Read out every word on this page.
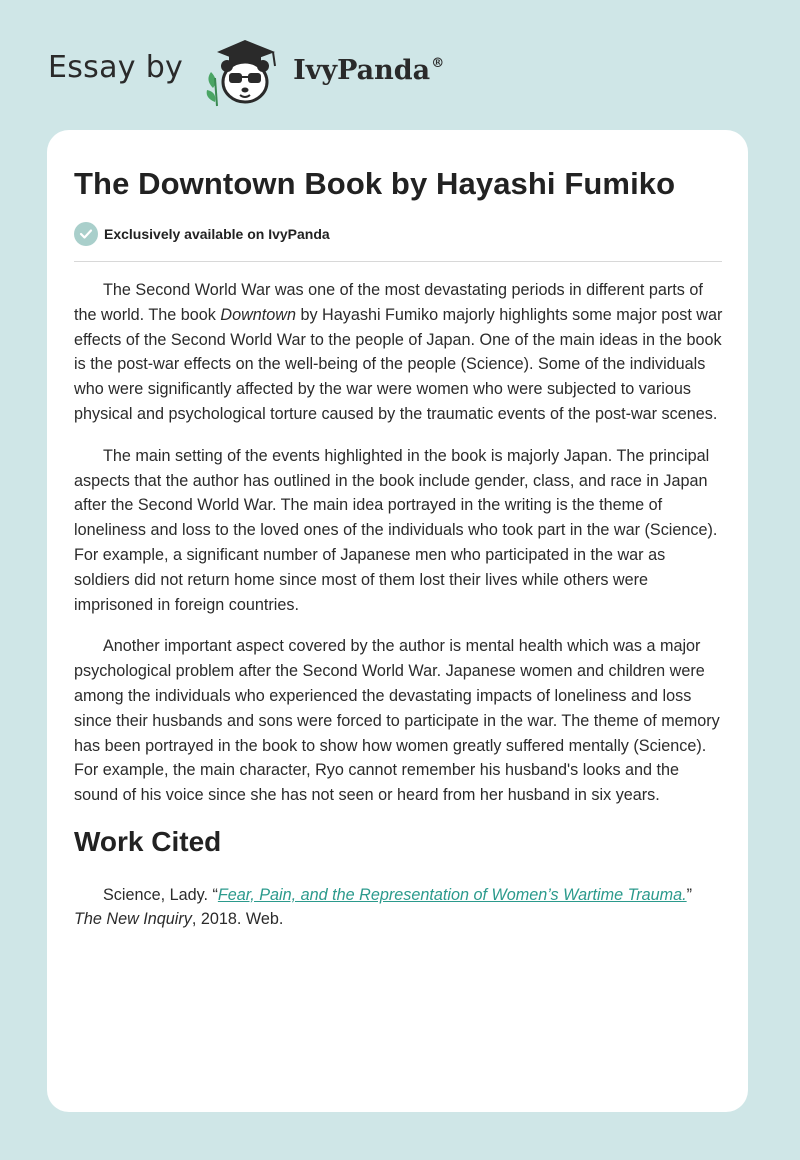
Essay by	IvyPanda®
The Downtown Book by Hayashi Fumiko
Exclusively available on IvyPanda

The Second World War was one of the most devastating periods in different parts of the world. The book Downtown by Hayashi Fumiko majorly highlights some major post war effects of the Second World War to the people of Japan. One of the main ideas in the book is the post-war effects on the well-being of the people (Science). Some of the individuals who were significantly affected by the war were women who were subjected to various physical and psychological torture caused by the traumatic events of the post-war scenes.

The main setting of the events highlighted in the book is majorly Japan. The principal aspects that the author has outlined in the book include gender, class, and race in Japan after the Second World War. The main idea portrayed in the writing is the theme of loneliness and loss to the loved ones of the individuals who took part in the war (Science). For example, a significant number of Japanese men who participated in the war as soldiers did not return home since most of them lost their lives while others were imprisoned in foreign countries.

Another important aspect covered by the author is mental health which was a major psychological problem after the Second World War. Japanese women and children were among the individuals who experienced the devastating impacts of loneliness and loss since their husbands and sons were forced to participate in the war. The theme of memory has been portrayed in the book to show how women greatly suffered mentally (Science). For example, the main character, Ryo cannot remember his husband's looks and the sound of his voice since she has not seen or heard from her husband in six years.

Work Cited

Science, Lady. “Fear, Pain, and the Representation of Women’s Wartime Trauma.”
The New Inquiry, 2018. Web.
